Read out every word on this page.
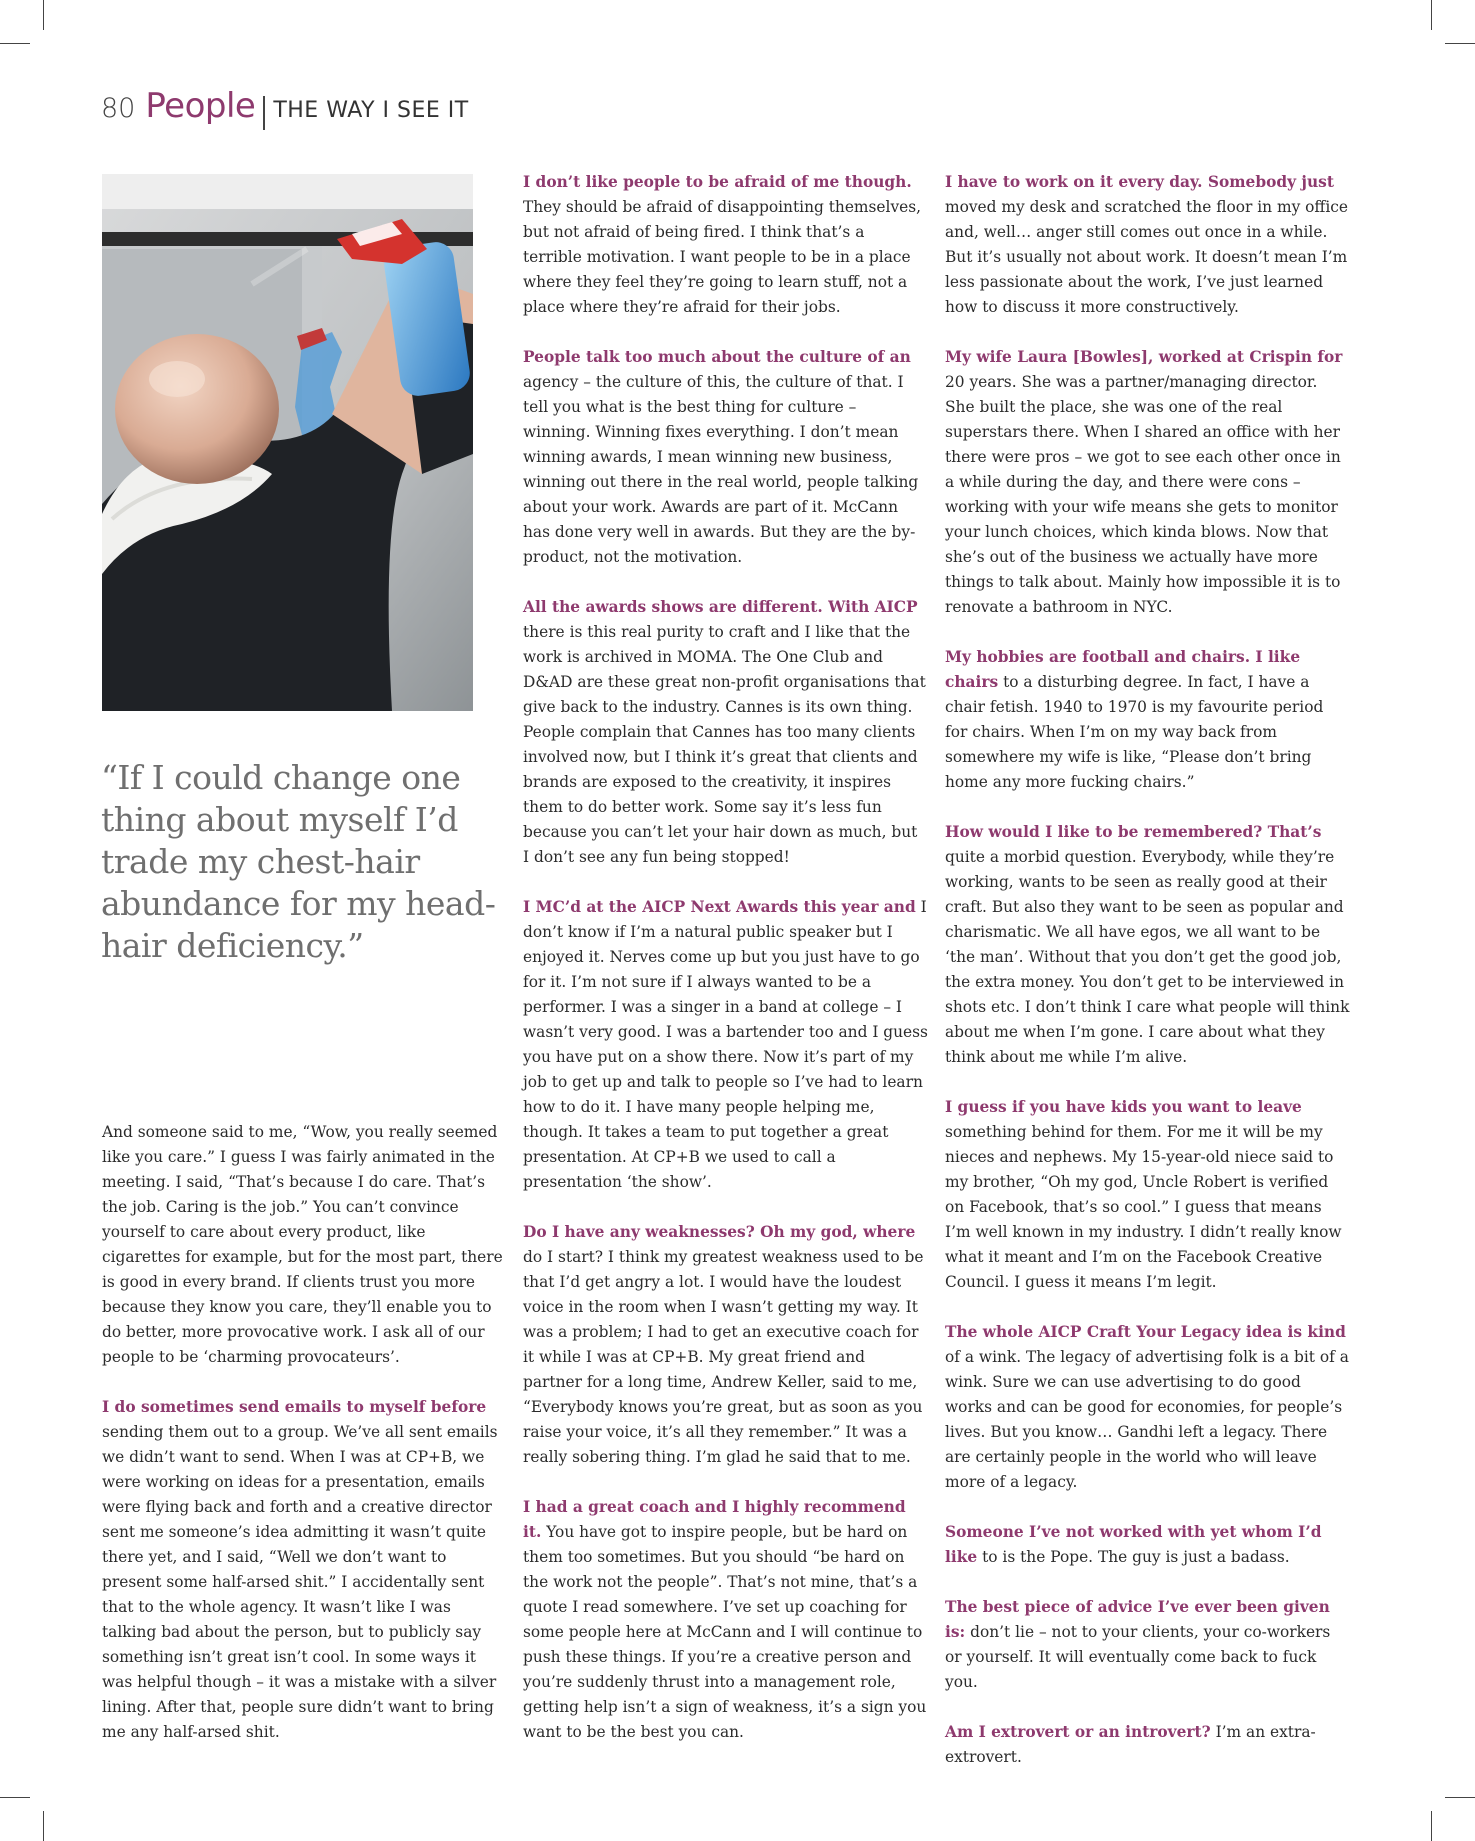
80 People THE WAY I SEE IT

“If I could change one thing about myself I’d trade my chest-hair abundance for my head-hair deficiency.”

And someone said to me, “Wow, you really seemed like you care.” I guess I was fairly animated in the meeting. I said, “That’s because I do care. That’s the job. Caring is the job.” You can’t convince yourself to care about every product, like cigarettes for example, but for the most part, there is good in every brand. If clients trust you more because they know you care, they’ll enable you to do better, more provocative work. I ask all of our people to be ‘charming provocateurs’.

I do sometimes send emails to myself before sending them out to a group. We’ve all sent emails we didn’t want to send. When I was at CP+B, we were working on ideas for a presentation, emails were flying back and forth and a creative director sent me someone’s idea admitting it wasn’t quite there yet, and I said, “Well we don’t want to present some half-arsed shit.” I accidentally sent that to the whole agency. It wasn’t like I was talking bad about the person, but to publicly say something isn’t great isn’t cool. In some ways it was helpful though – it was a mistake with a silver lining. After that, people sure didn’t want to bring me any half-arsed shit.

I don’t like people to be afraid of me though. They should be afraid of disappointing themselves, but not afraid of being fired. I think that’s a terrible motivation. I want people to be in a place where they feel they’re going to learn stuff, not a place where they’re afraid for their jobs.

People talk too much about the culture of an agency – the culture of this, the culture of that. I tell you what is the best thing for culture – winning. Winning fixes everything. I don’t mean winning awards, I mean winning new business, winning out there in the real world, people talking about your work. Awards are part of it. McCann has done very well in awards. But they are the by-product, not the motivation.

All the awards shows are different. With AICP there is this real purity to craft and I like that the work is archived in MOMA. The One Club and D&AD are these great non-profit organisations that give back to the industry. Cannes is its own thing. People complain that Cannes has too many clients involved now, but I think it’s great that clients and brands are exposed to the creativity, it inspires them to do better work. Some say it’s less fun because you can’t let your hair down as much, but I don’t see any fun being stopped!

I MC’d at the AICP Next Awards this year and I don’t know if I’m a natural public speaker but I enjoyed it. Nerves come up but you just have to go for it. I’m not sure if I always wanted to be a performer. I was a singer in a band at college – I wasn’t very good. I was a bartender too and I guess you have put on a show there. Now it’s part of my job to get up and talk to people so I’ve had to learn how to do it. I have many people helping me, though. It takes a team to put together a great presentation. At CP+B we used to call a presentation ‘the show’.

Do I have any weaknesses? Oh my god, where do I start? I think my greatest weakness used to be that I’d get angry a lot. I would have the loudest voice in the room when I wasn’t getting my way. It was a problem; I had to get an executive coach for it while I was at CP+B. My great friend and partner for a long time, Andrew Keller, said to me, “Everybody knows you’re great, but as soon as you raise your voice, it’s all they remember.” It was a really sobering thing. I’m glad he said that to me.

I had a great coach and I highly recommend it. You have got to inspire people, but be hard on them too sometimes. But you should “be hard on the work not the people”. That’s not mine, that’s a quote I read somewhere. I’ve set up coaching for some people here at McCann and I will continue to push these things. If you’re a creative person and you’re suddenly thrust into a management role, getting help isn’t a sign of weakness, it’s a sign you want to be the best you can.

I have to work on it every day. Somebody just moved my desk and scratched the floor in my office and, well… anger still comes out once in a while. But it’s usually not about work. It doesn’t mean I’m less passionate about the work, I’ve just learned how to discuss it more constructively.

My wife Laura [Bowles], worked at Crispin for 20 years. She was a partner/managing director. She built the place, she was one of the real superstars there. When I shared an office with her there were pros – we got to see each other once in a while during the day, and there were cons – working with your wife means she gets to monitor your lunch choices, which kinda blows. Now that she’s out of the business we actually have more things to talk about. Mainly how impossible it is to renovate a bathroom in NYC.

My hobbies are football and chairs. I like chairs to a disturbing degree. In fact, I have a chair fetish. 1940 to 1970 is my favourite period for chairs. When I’m on my way back from somewhere my wife is like, “Please don’t bring home any more fucking chairs.”

How would I like to be remembered? That’s quite a morbid question. Everybody, while they’re working, wants to be seen as really good at their craft. But also they want to be seen as popular and charismatic. We all have egos, we all want to be ‘the man’. Without that you don’t get the good job, the extra money. You don’t get to be interviewed in shots etc. I don’t think I care what people will think about me when I’m gone. I care about what they think about me while I’m alive.

I guess if you have kids you want to leave something behind for them. For me it will be my nieces and nephews. My 15-year-old niece said to my brother, “Oh my god, Uncle Robert is verified on Facebook, that’s so cool.” I guess that means I’m well known in my industry. I didn’t really know what it meant and I’m on the Facebook Creative Council. I guess it means I’m legit.

The whole AICP Craft Your Legacy idea is kind of a wink. The legacy of advertising folk is a bit of a wink. Sure we can use advertising to do good works and can be good for economies, for people’s lives. But you know… Gandhi left a legacy. There are certainly people in the world who will leave more of a legacy.

Someone I’ve not worked with yet whom I’d like to is the Pope. The guy is just a badass.

The best piece of advice I’ve ever been given is: don’t lie – not to your clients, your co-workers or yourself. It will eventually come back to fuck you.

Am I extrovert or an introvert? I’m an extra-extrovert.
